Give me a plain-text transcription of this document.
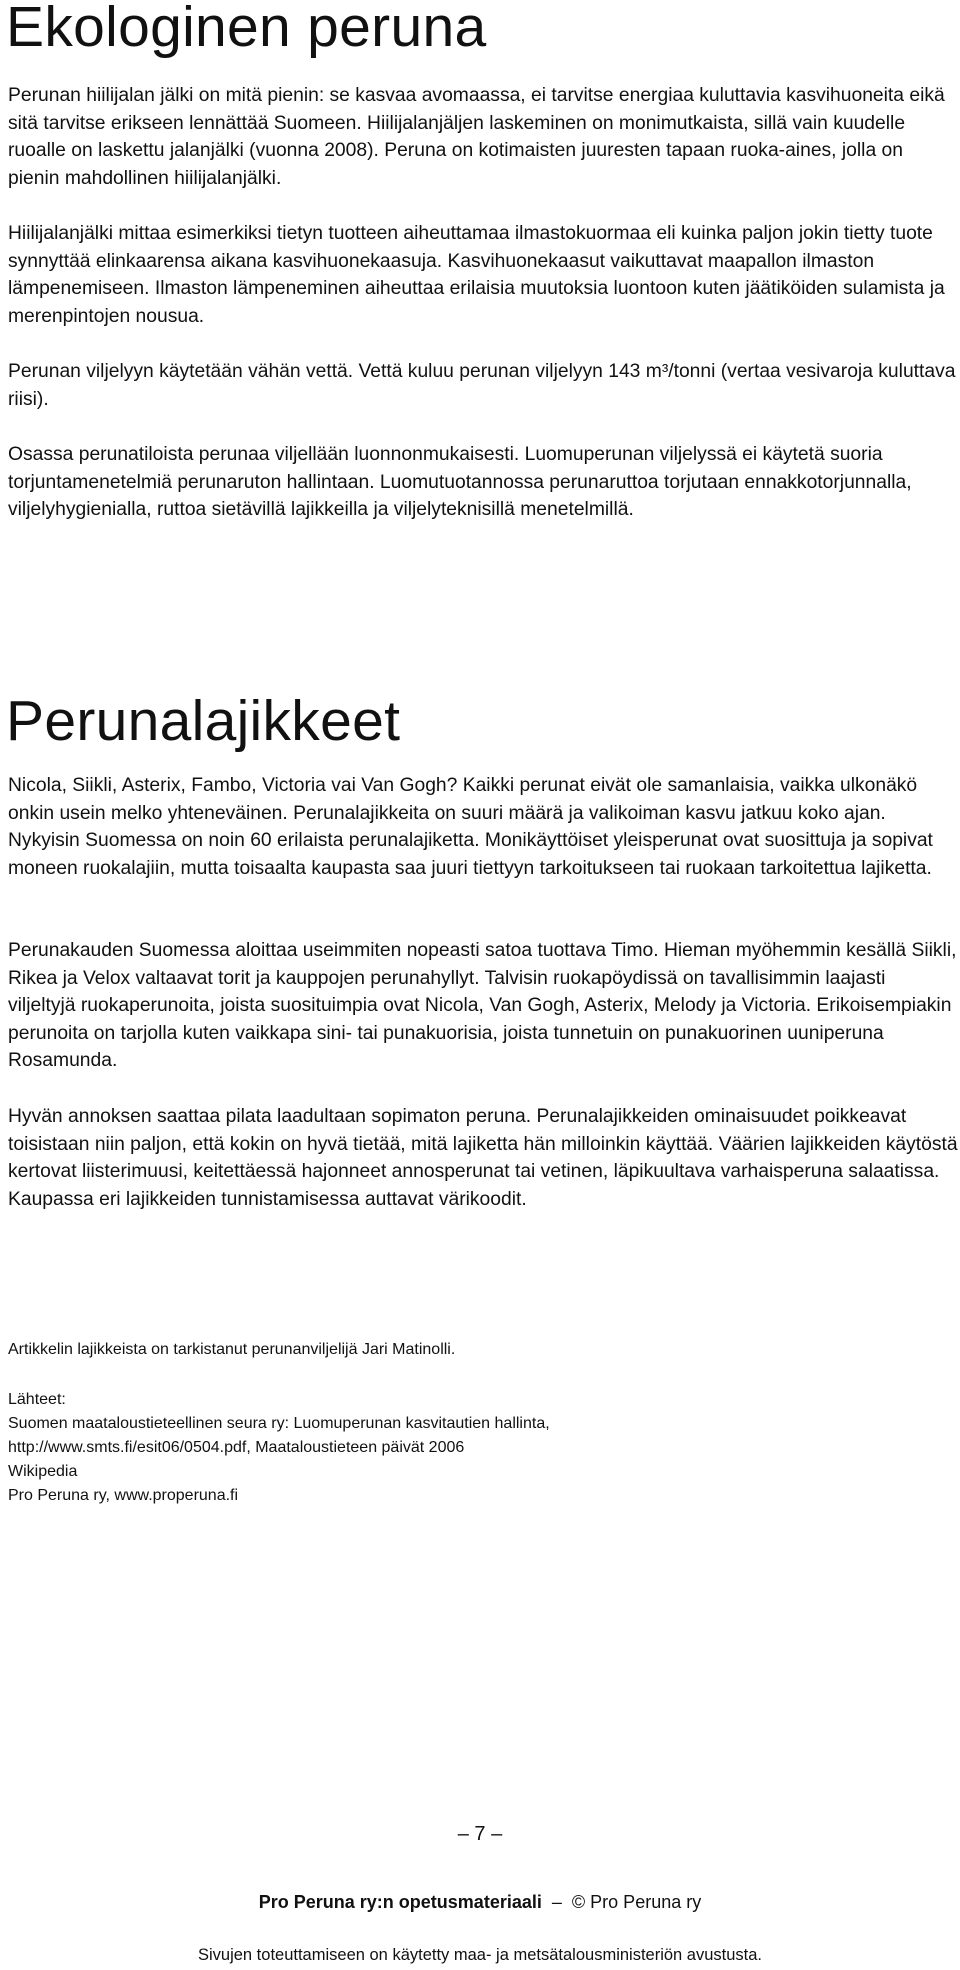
Ekologinen peruna

Perunan hiilijalan jälki on mitä pienin: se kasvaa avomaassa, ei tarvitse energiaa kuluttavia kasvihuoneita eikä sitä tarvitse erikseen lennättää Suomeen. Hiilijalanjäljen laskeminen on monimutkaista, sillä vain kuudelle ruoalle on laskettu jalanjälki (vuonna 2008). Peruna on kotimaisten juuresten tapaan ruoka-aines, jolla on pienin mahdollinen hiilijalanjälki.

Hiilijalanjälki mittaa esimerkiksi tietyn tuotteen aiheuttamaa ilmastokuormaa eli kuinka paljon jokin tietty tuote synnyttää elinkaarensa aikana kasvihuonekaasuja. Kasvihuonekaasut vaikuttavat maapallon ilmaston lämpenemiseen. Ilmaston lämpeneminen aiheuttaa erilaisia muutoksia luontoon kuten jäätiköiden sulamista ja merenpintojen nousua.

Perunan viljelyyn käytetään vähän vettä. Vettä kuluu perunan viljelyyn 143 m³/tonni (vertaa vesivaroja kuluttava riisi).

Osassa perunatiloista perunaa viljellään luonnonmukaisesti. Luomuperunan viljelyssä ei käytetä suoria torjuntamenetelmiä perunaruton hallintaan. Luomutuotannossa perunaruttoa torjutaan ennakkotorjunnalla, viljelyhygienialla, ruttoa sietävillä lajikkeilla ja viljelyteknisillä menetelmillä.

Perunalajikkeet

Nicola, Siikli, Asterix, Fambo, Victoria vai Van Gogh? Kaikki perunat eivät ole samanlaisia, vaikka ulkonäkö onkin usein melko yhteneväinen. Perunalajikkeita on suuri määrä ja valikoiman kasvu jatkuu koko ajan. Nykyisin Suomessa on noin 60 erilaista perunalajiketta. Monikäyttöiset yleisperunat ovat suosittuja ja sopivat moneen ruokalajiin, mutta toisaalta kaupasta saa juuri tiettyyn tarkoitukseen tai ruokaan tarkoitettua lajiketta.

Perunakauden Suomessa aloittaa useimmiten nopeasti satoa tuottava Timo. Hieman myöhemmin kesällä Siikli, Rikea ja Velox valtaavat torit ja kauppojen perunahyllyt. Talvisin ruokapöydissä on tavallisimmin laajasti viljeltyjä ruokaperunoita, joista suosituimpia ovat Nicola, Van Gogh, Asterix, Melody ja Victoria. Erikoisempiakin perunoita on tarjolla kuten vaikkapa sini- tai punakuorisia, joista tunnetuin on punakuorinen uuniperuna Rosamunda.

Hyvän annoksen saattaa pilata laadultaan sopimaton peruna. Perunalajikkeiden ominaisuudet poikkeavat toisistaan niin paljon, että kokin on hyvä tietää, mitä lajiketta hän milloinkin käyttää. Väärien lajikkeiden käytöstä kertovat liisterimuusi, keitettäessä hajonneet annosperunat tai vetinen, läpikuultava varhaisperuna salaatissa. Kaupassa eri lajikkeiden tunnistamisessa auttavat värikoodit.

Artikkelin lajikkeista on tarkistanut perunanviljelijä Jari Matinolli.

Lähteet:
Suomen maataloustieteellinen seura ry: Luomuperunan kasvitautien hallinta,
http://www.smts.fi/esit06/0504.pdf, Maataloustieteen päivät 2006
Wikipedia
Pro Peruna ry, www.properuna.fi
– 7 –
Pro Peruna ry:n opetusmateriaali – © Pro Peruna ry
Sivujen toteuttamiseen on käytetty maa- ja metsätalousministeriön avustusta.
